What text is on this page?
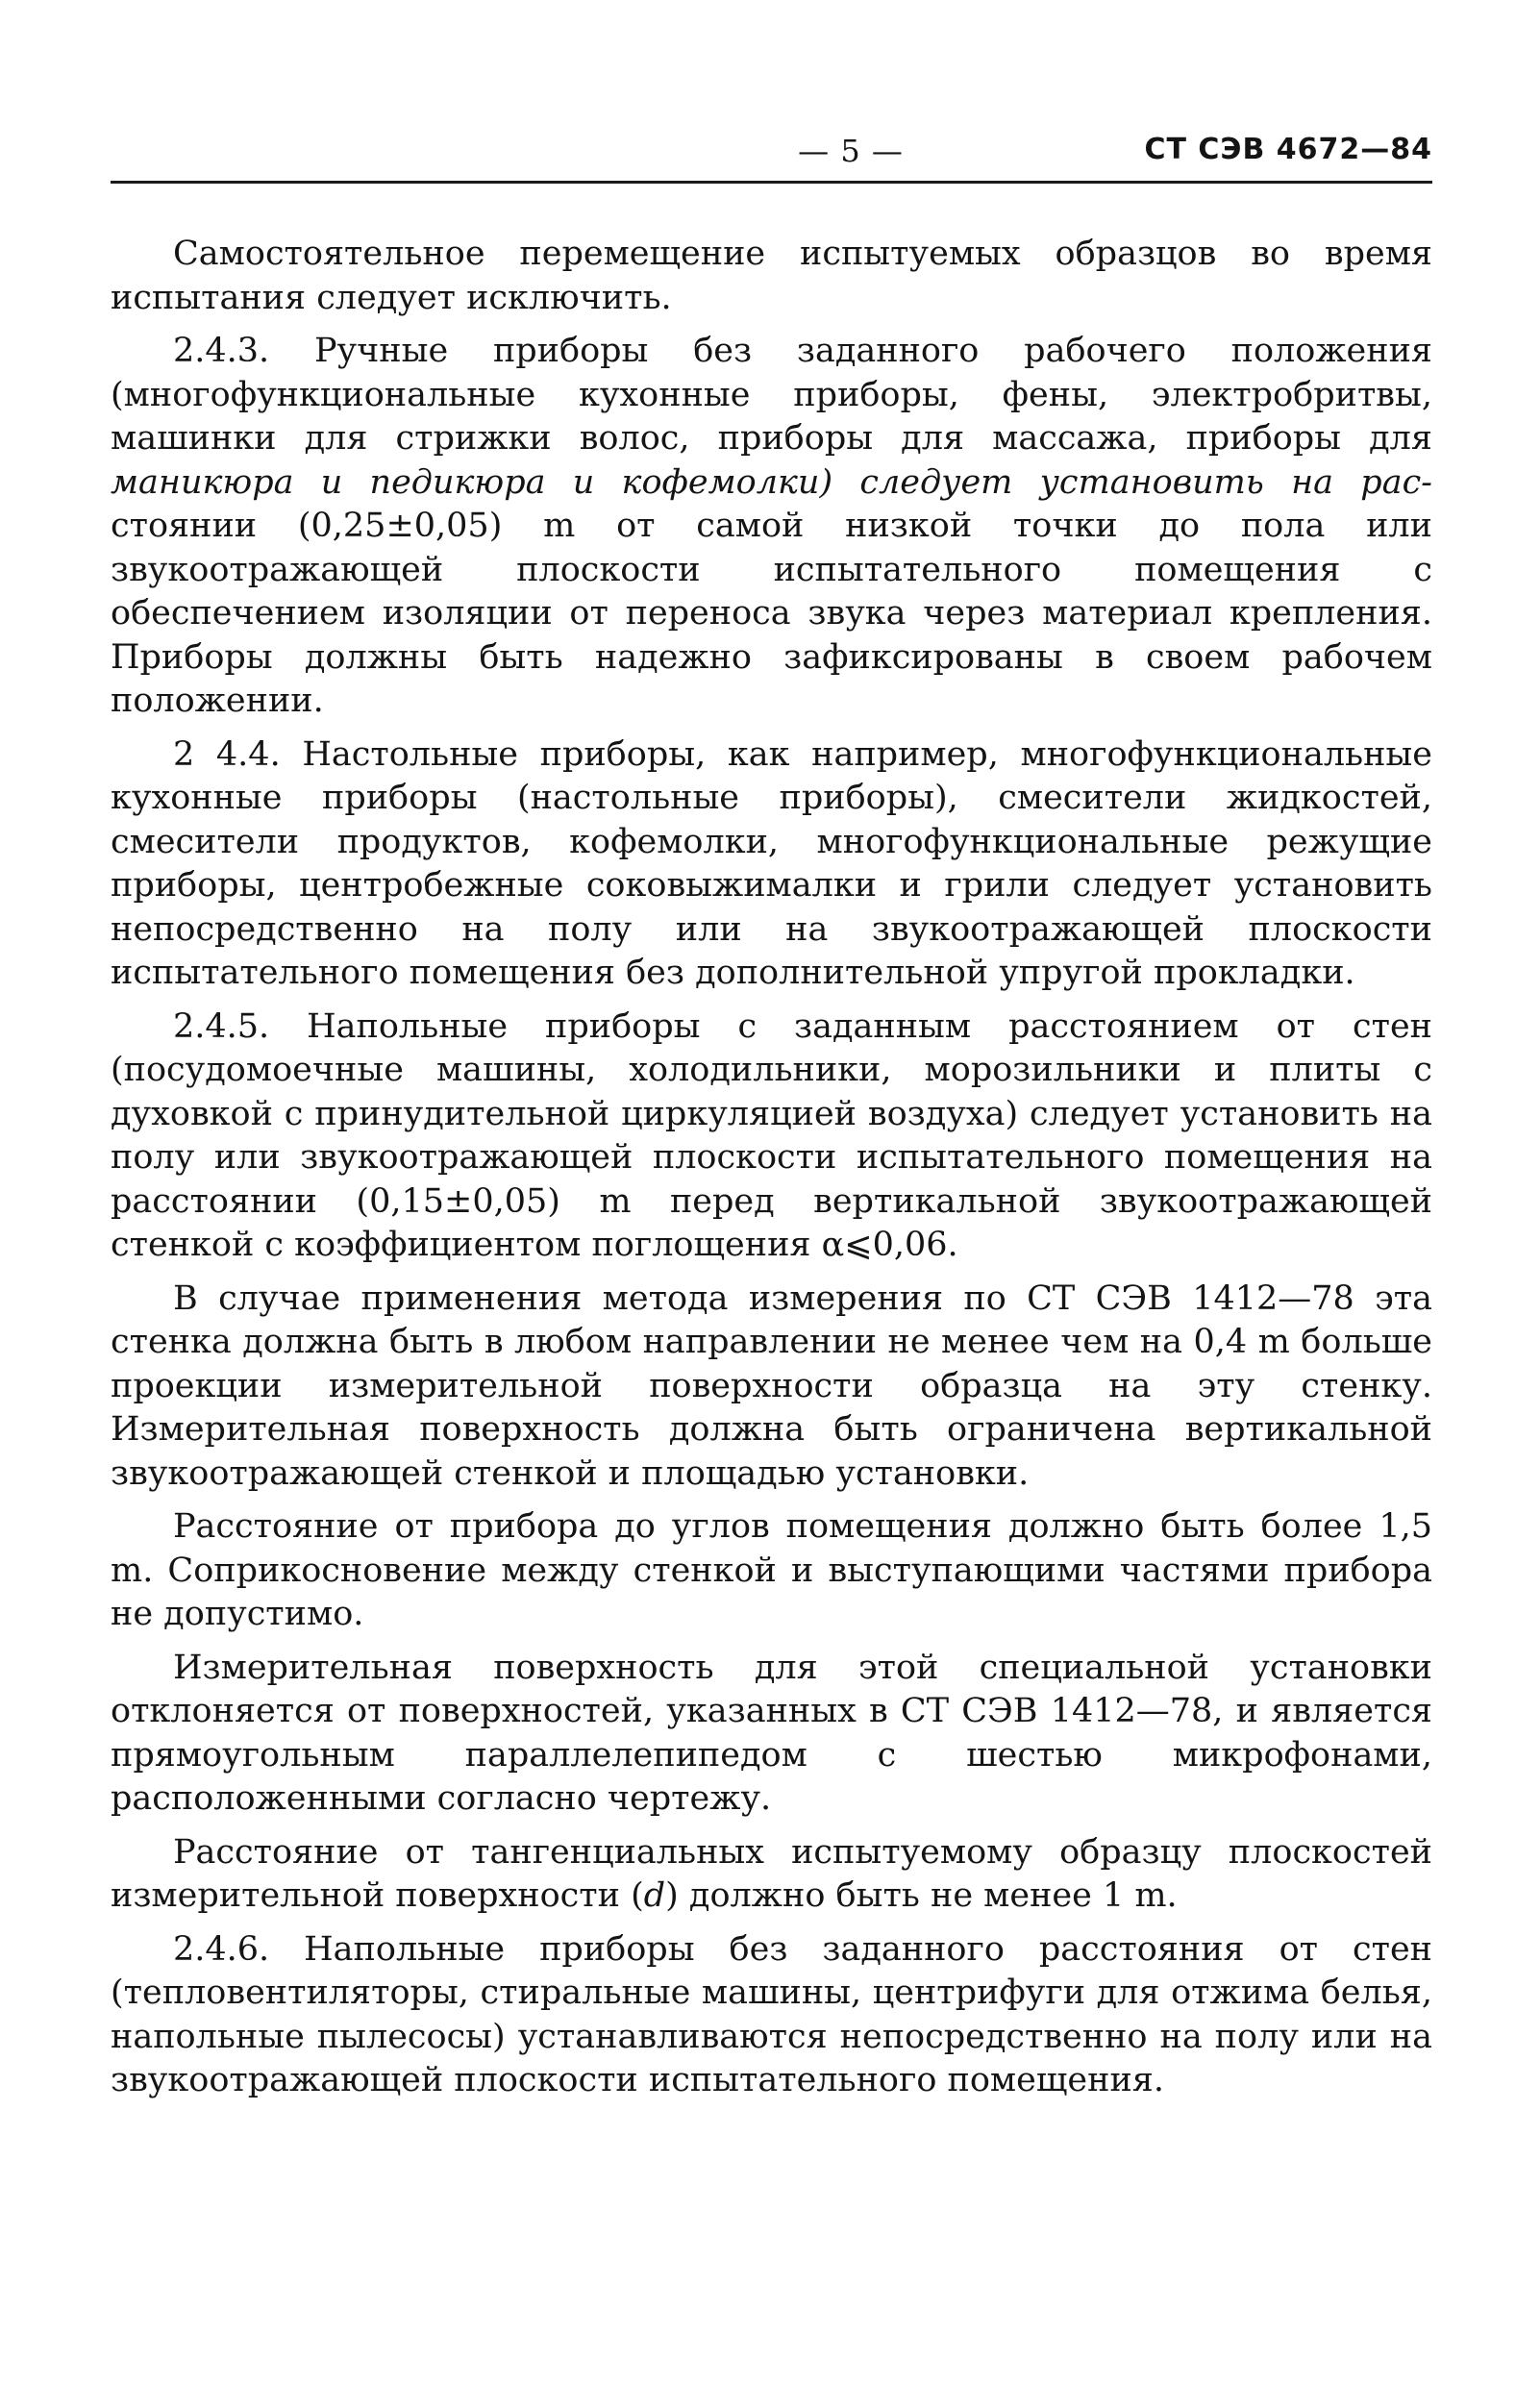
— 5 —	СТ СЭВ 4672—84

Самостоятельное перемещение испытуемых образцов во время испытания следует исключить.

2.4.3. Ручные приборы без заданного рабочего положения (многофункциональные кухонные приборы, фены, электробритвы, машинки для стрижки волос, приборы для массажа, приборы для маникюра и педикюра и кофемолки) следует установить на рас-стоянии (0,25±0,05) m от самой низкой точки до пола или звукоотражающей плоскости испытательного помещения с обеспечением изоляции от переноса звука через материал крепления. Приборы должны быть надежно зафиксированы в своем рабочем положении.

2 4.4. Настольные приборы, как например, многофункциональные кухонные приборы (настольные приборы), смесители жидкостей, смесители продуктов, кофемолки, многофункциональные режущие приборы, центробежные соковыжималки и грили следует установить непосредственно на полу или на звукоотражающей плоскости испытательного помещения без дополнительной упругой прокладки.

2.4.5. Напольные приборы с заданным расстоянием от стен (посудомоечные машины, холодильники, морозильники и плиты с духовкой с принудительной циркуляцией воздуха) следует установить на полу или звукоотражающей плоскости испытательного помещения на расстоянии (0,15±0,05) m перед вертикальной звукоотражающей стенкой с коэффициентом поглощения α⩽0,06.

В случае применения метода измерения по СТ СЭВ 1412—78 эта стенка должна быть в любом направлении не менее чем на 0,4 m больше проекции измерительной поверхности образца на эту стенку. Измерительная поверхность должна быть ограничена вертикальной звукоотражающей стенкой и площадью установки.

Расстояние от прибора до углов помещения должно быть более 1,5 m. Соприкосновение между стенкой и выступающими частями прибора не допустимо.

Измерительная поверхность для этой специальной установки отклоняется от поверхностей, указанных в СТ СЭВ 1412—78, и является прямоугольным параллелепипедом с шестью микрофонами, расположенными согласно чертежу.

Расстояние от тангенциальных испытуемому образцу плоскостей измерительной поверхности (d) должно быть не менее 1 m.

2.4.6. Напольные приборы без заданного расстояния от стен (тепловентиляторы, стиральные машины, центрифуги для отжима белья, напольные пылесосы) устанавливаются непосредственно на полу или на звукоотражающей плоскости испытательного помещения.
